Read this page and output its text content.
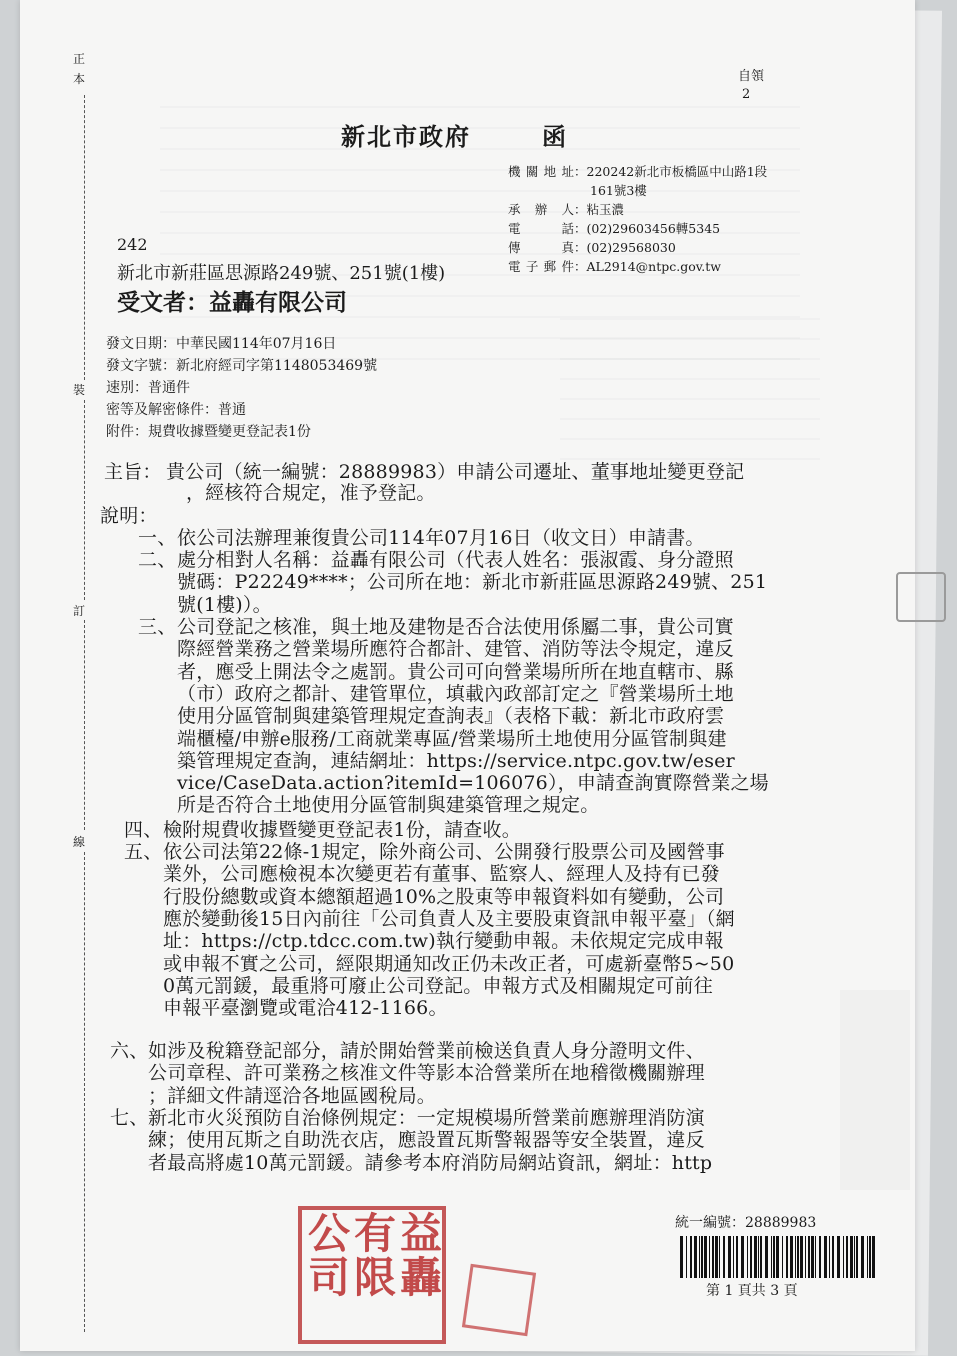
正
本
裝
訂
線
自領
2
新北市政府	函
機關地址：220242新北市板橋區中山路1段
161號3樓
承辦人：粘玉濃
電　　話：(02)29603456轉5345
傳　　真：(02)29568030
電子郵件：AL2914@ntpc.gov.tw
242
新北市新莊區思源路249號、251號(1樓)
受文者：益轟有限公司
發文日期：中華民國114年07月16日
發文字號：新北府經司字第1148053469號
速別：普通件
密等及解密條件：普通
附件：規費收據暨變更登記表1份
主旨： 貴公司（統一編號：28889983）申請公司遷址、董事地址變更登記
，經核符合規定，准予登記。
說明：
一、 依公司法辦理兼復貴公司114年07月16日（收文日）申請書。
二、 處分相對人名稱：益轟有限公司（代表人姓名：張淑霞、身分證照
號碼：P22249****；公司所在地：新北市新莊區思源路249號、251
號(1樓)）。
三、 公司登記之核准，與土地及建物是否合法使用係屬二事，貴公司實
際經營業務之營業場所應符合都計、建管、消防等法令規定，違反
者，應受上開法令之處罰。貴公司可向營業場所所在地直轄市、縣
（市）政府之都計、建管單位，填載內政部訂定之『營業場所土地
使用分區管制與建築管理規定查詢表』（表格下載：新北市政府雲
端櫃檯/申辦e服務/工商就業專區/營業場所土地使用分區管制與建
築管理規定查詢，連結網址：https://service.ntpc.gov.tw/eser
vice/CaseData.action?itemId=106076），申請查詢實際營業之場
所是否符合土地使用分區管制與建築管理之規定。
四、 檢附規費收據暨變更登記表1份，請查收。
五、 依公司法第22條-1規定，除外商公司、公開發行股票公司及國營事
業外，公司應檢視本次變更若有董事、監察人、經理人及持有已發
行股份總數或資本總額超過10%之股東等申報資料如有變動，公司
應於變動後15日內前往「公司負責人及主要股東資訊申報平臺」（網
址：https://ctp.tdcc.com.tw)執行變動申報。未依規定完成申報
或申報不實之公司，經限期通知改正仍未改正者，可處新臺幣5~50
0萬元罰鍰，最重將可廢止公司登記。申報方式及相關規定可前往
申報平臺瀏覽或電洽412-1166。
六、 如涉及稅籍登記部分，請於開始營業前檢送負責人身分證明文件、
公司章程、許可業務之核准文件等影本洽營業所在地稽徵機關辦理
；詳細文件請逕洽各地區國稅局。
七、 新北市火災預防自治條例規定：一定規模場所營業前應辦理消防演
練；使用瓦斯之自助洗衣店，應設置瓦斯警報器等安全裝置，違反
者最高將處10萬元罰鍰。請參考本府消防局網站資訊，網址：http
益
轟
有
限
公
司
統一編號：28889983
第 1 頁共 3 頁
